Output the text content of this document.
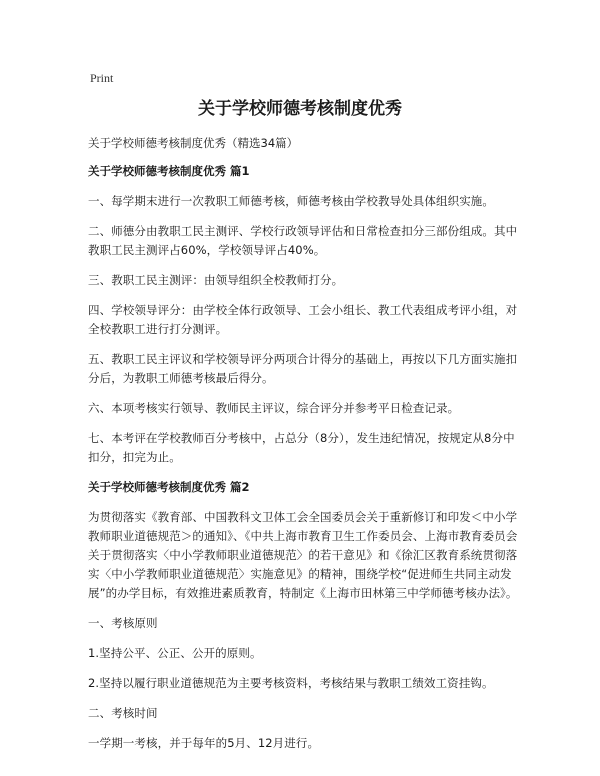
Print
关于学校师德考核制度优秀
关于学校师德考核制度优秀（精选34篇）
关于学校师德考核制度优秀 篇1

一、每学期末进行一次教职工师德考核，师德考核由学校教导处具体组织实施。

二、师德分由教职工民主测评、学校行政领导评估和日常检查扣分三部份组成。其中教职工民主测评占60%，学校领导评占40%。

三、教职工民主测评：由领导组织全校教师打分。

四、学校领导评分：由学校全体行政领导、工会小组长、教工代表组成考评小组，对全校教职工进行打分测评。

五、教职工民主评议和学校领导评分两项合计得分的基础上，再按以下几方面实施扣分后，为教职工师德考核最后得分。

六、本项考核实行领导、教师民主评议，综合评分并参考平日检查记录。

七、本考评在学校教师百分考核中，占总分（8分），发生违纪情况，按规定从8分中扣分，扣完为止。

关于学校师德考核制度优秀 篇2

为贯彻落实《教育部、中国教科文卫体工会全国委员会关于重新修订和印发＜中小学教师职业道德规范＞的通知》、《中共上海市教育卫生工作委员会、上海市教育委员会关于贯彻落实〈中小学教师职业道德规范〉的若干意见》和《徐汇区教育系统贯彻落实〈中小学教师职业道德规范〉实施意见》的精神，围绕学校“促进师生共同主动发展”的办学目标，有效推进素质教育，特制定《上海市田林第三中学师德考核办法》。

一、考核原则

1.坚持公平、公正、公开的原则。

2.坚持以履行职业道德规范为主要考核资料，考核结果与教职工绩效工资挂钩。

二、考核时间

一学期一考核，并于每年的5月、12月进行。
